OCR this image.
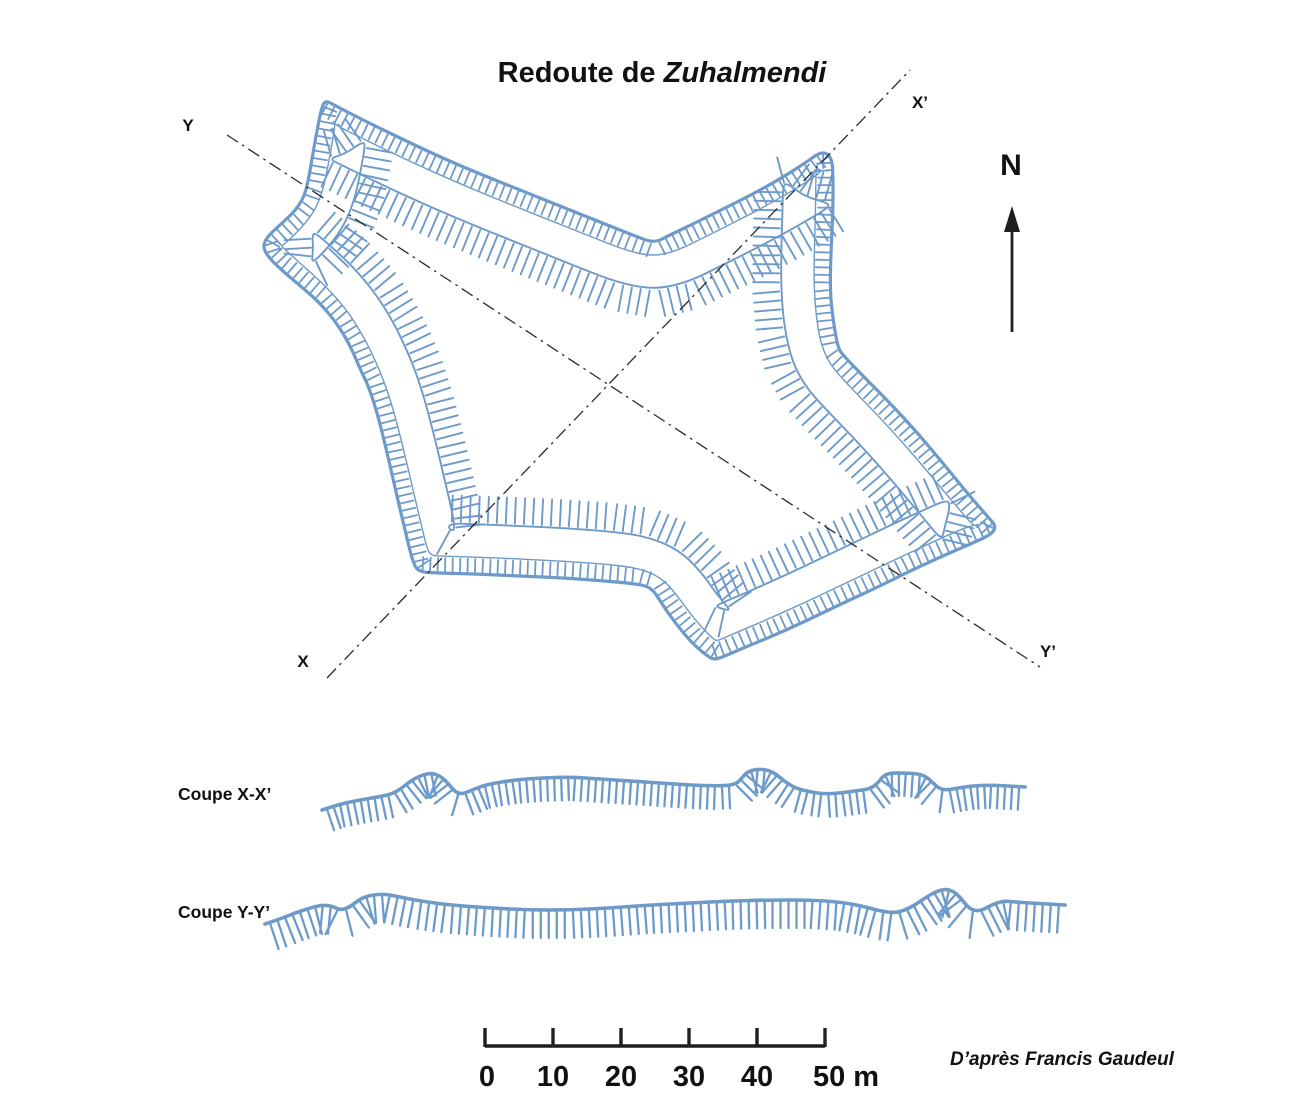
Redoute de Zuhalmendi
Y
X’
X
Y’
N
Coupe X-X’
Coupe Y-Y’
0 10 20 30 40 50 m
D’après Francis Gaudeul
